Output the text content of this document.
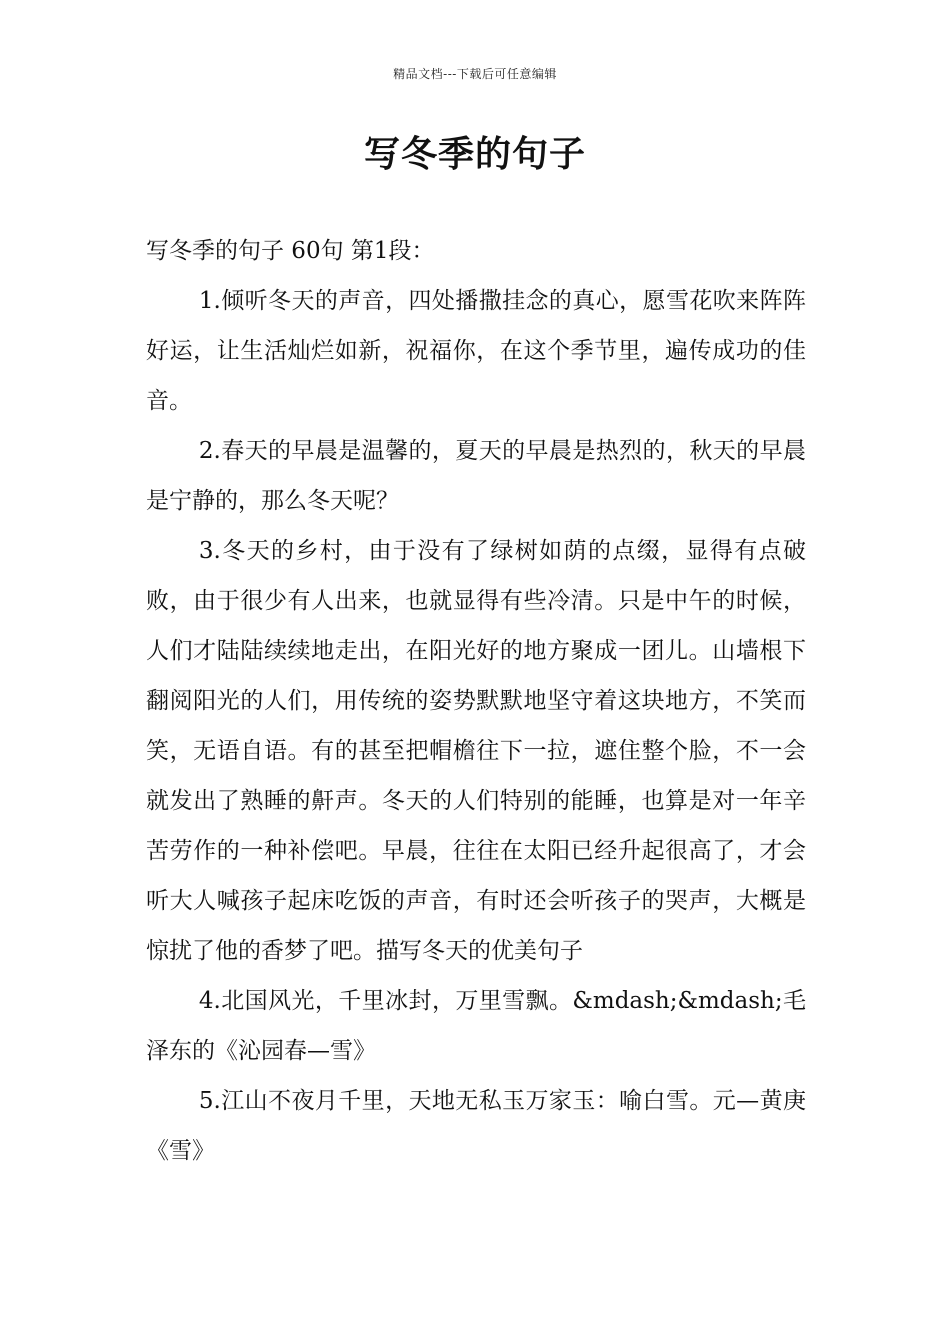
精品文档---下载后可任意编辑
写冬季的句子

写冬季的句子 60句 第1段：

1.倾听冬天的声音，四处播撒挂念的真心，愿雪花吹来阵阵好运，让生活灿烂如新，祝福你，在这个季节里，遍传成功的佳音。

2.春天的早晨是温馨的，夏天的早晨是热烈的，秋天的早晨是宁静的，那么冬天呢？

3.冬天的乡村，由于没有了绿树如荫的点缀，显得有点破败，由于很少有人出来，也就显得有些冷清。只是中午的时候，人们才陆陆续续地走出，在阳光好的地方聚成一团儿。山墙根下翻阅阳光的人们，用传统的姿势默默地坚守着这块地方，不笑而笑，无语自语。有的甚至把帽檐往下一拉，遮住整个脸，不一会就发出了熟睡的鼾声。冬天的人们特别的能睡，也算是对一年辛苦劳作的一种补偿吧。早晨，往往在太阳已经升起很高了，才会听大人喊孩子起床吃饭的声音，有时还会听孩子的哭声，大概是惊扰了他的香梦了吧。描写冬天的优美句子

4.北国风光，千里冰封，万里雪飘。&mdash;&mdash;毛泽东的《沁园春—雪》

5.江山不夜月千里，天地无私玉万家玉：喻白雪。元—黄庚《雪》
